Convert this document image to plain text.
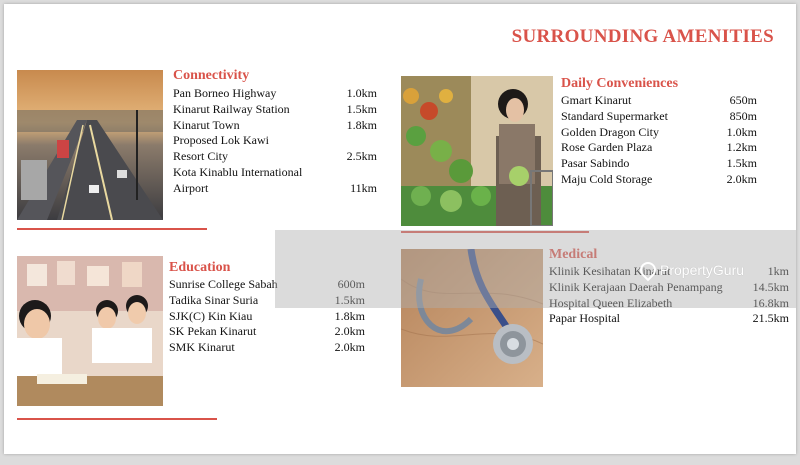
SURROUNDING AMENITIES
Connectivity
Pan Borneo Highway	1.0km
Kinarut Railway Station	1.5km
Kinarut Town	1.8km
Proposed Lok Kawi
Resort City	2.5km
Kota Kinablu International
Airport	11km
Daily Conveniences
Gmart Kinarut	650m
Standard Supermarket	850m
Golden Dragon City	1.0km
Rose Garden Plaza	1.2km
Pasar Sabindo	1.5km
Maju Cold Storage	2.0km
Education
Sunrise College Sabah	600m
Tadika Sinar Suria	1.5km
SJK(C) Kin Kiau	1.8km
SK Pekan Kinarut	2.0km
SMK Kinarut	2.0km
Medical
Klinik Kesihatan Kinarut	1km
Klinik Kerajaan Daerah Penampang	14.5km
Hospital Queen Elizabeth	16.8km
Papar Hospital	21.5km
PropertyGuru
